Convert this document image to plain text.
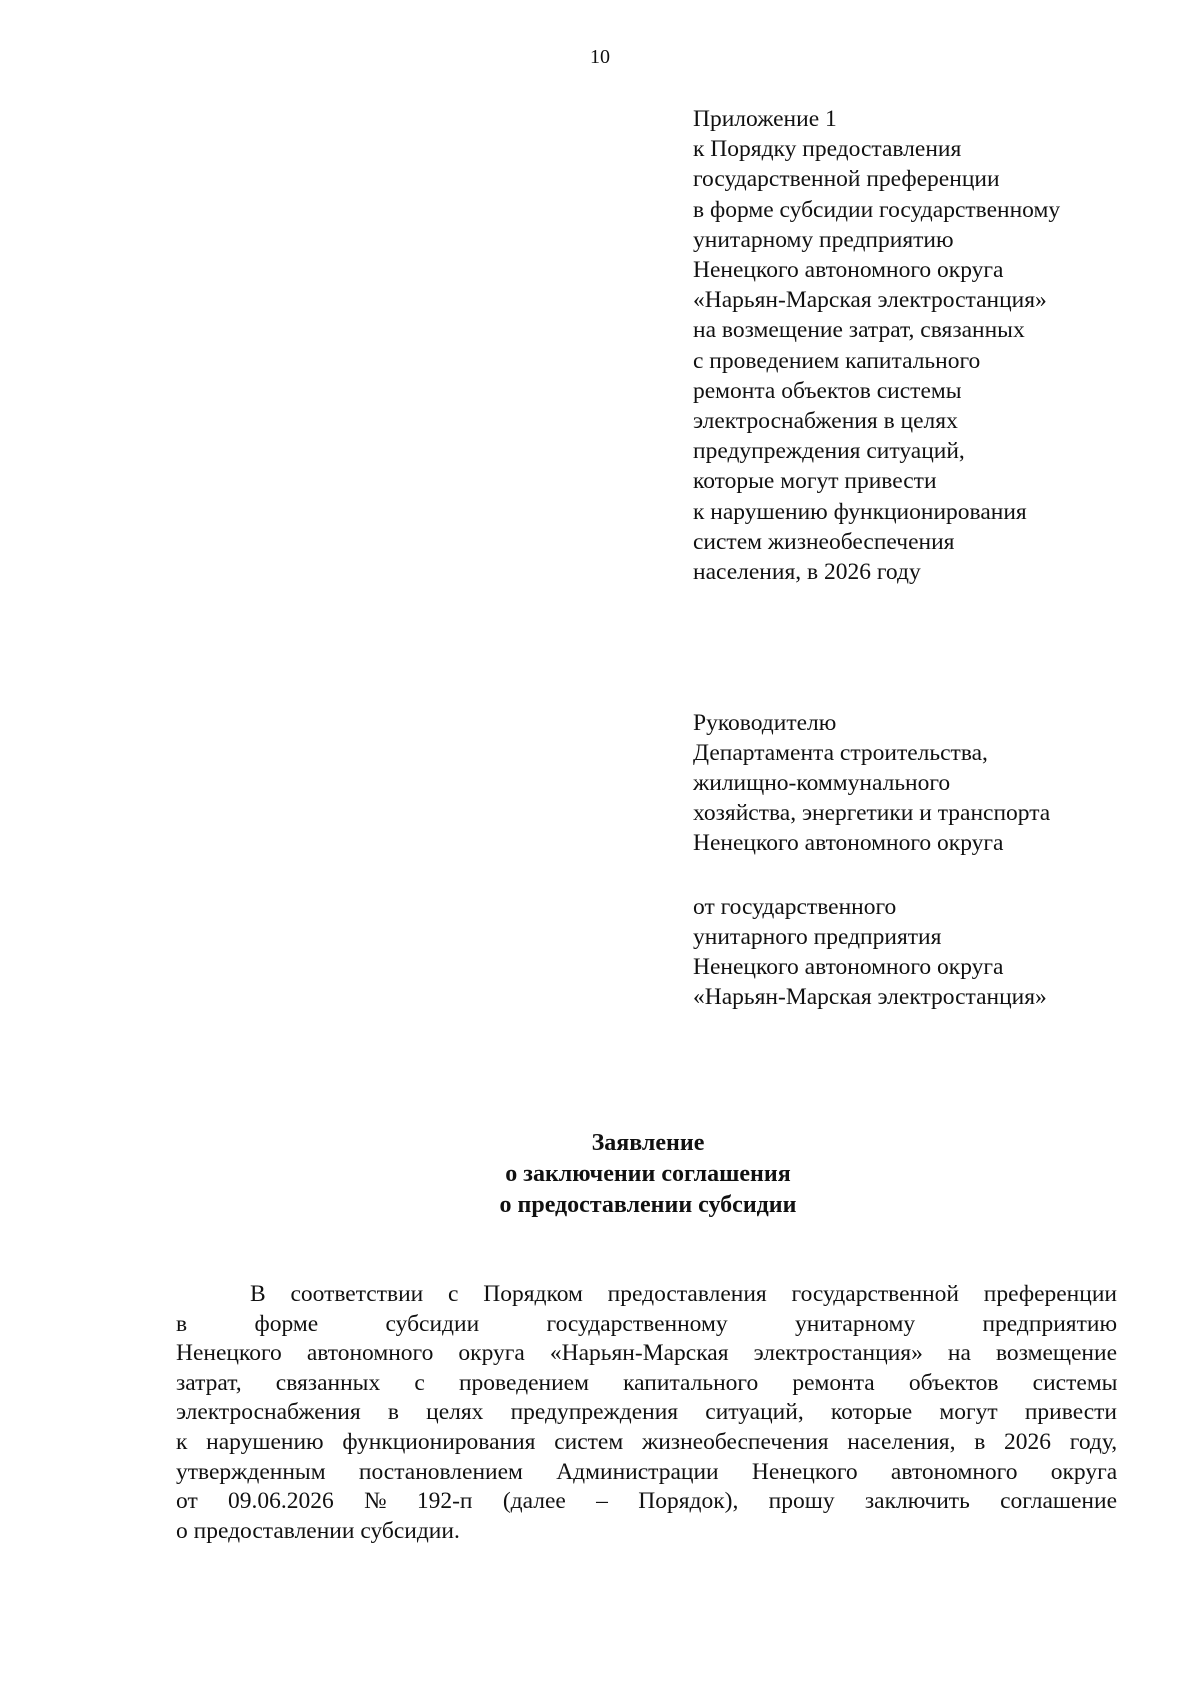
10
Приложение 1
к Порядку предоставления
государственной преференции
в форме субсидии государственному
унитарному предприятию
Ненецкого автономного округа
«Нарьян-Марская электростанция»
на возмещение затрат, связанных
с проведением капитального
ремонта объектов системы
электроснабжения в целях
предупреждения ситуаций,
которые могут привести
к нарушению функционирования
систем жизнеобеспечения
населения, в 2026 году
Руководителю
Департамента строительства,
жилищно-коммунального
хозяйства, энергетики и транспорта
Ненецкого автономного округа
от государственного
унитарного предприятия
Ненецкого автономного округа
«Нарьян-Марская электростанция»
Заявление
о заключении соглашения
о предоставлении субсидии
В соответствии с Порядком предоставления государственной преференции
в форме субсидии государственному унитарному предприятию
Ненецкого автономного округа «Нарьян-Марская электростанция» на возмещение
затрат, связанных с проведением капитального ремонта объектов системы
электроснабжения в целях предупреждения ситуаций, которые могут привести
к нарушению функционирования систем жизнеобеспечения населения, в 2026 году,
утвержденным постановлением Администрации Ненецкого автономного округа
от 09.06.2026 № 192-п (далее – Порядок), прошу заключить соглашение
о предоставлении субсидии.
